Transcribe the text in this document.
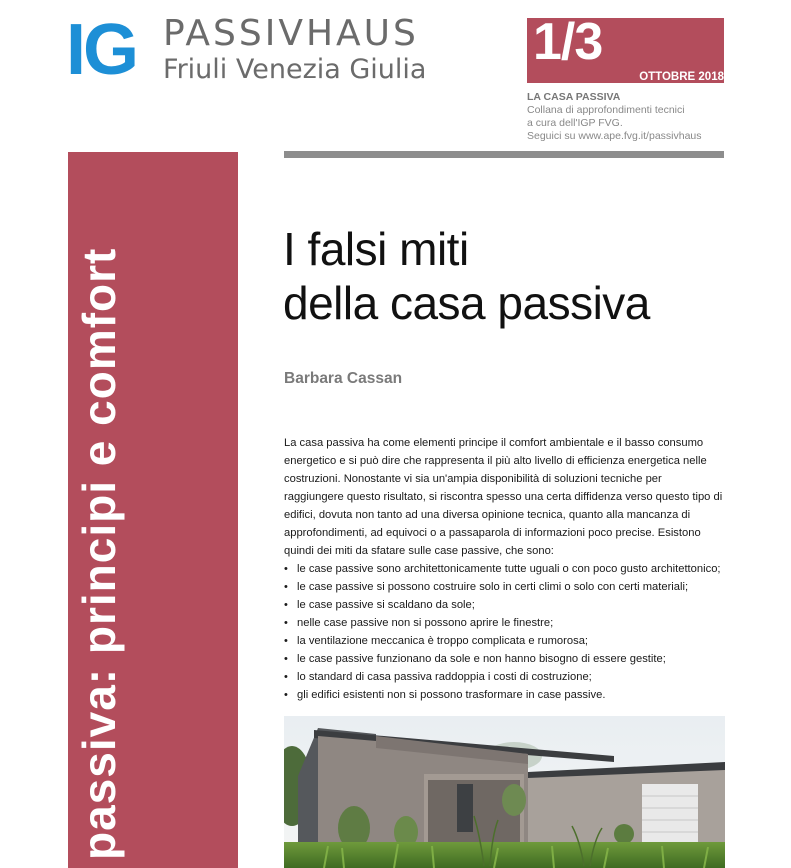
IG PASSIVHAUS
Friuli Venezia Giulia 1/3
OTTOBRE 2018
LA CASA PASSIVA
Collana di approfondimenti tecnici
a cura dell'IGP FVG.
Seguici su www.ape.fvg.it/passivhaus
passiva: principi e comfort	I falsi miti
della casa passiva
Barbara Cassan

La casa passiva ha come elementi principe il comfort ambientale e il basso consumo energetico e si può dire che rappresenta il più alto livello di efficienza energetica nelle costruzioni. Nonostante vi sia un'ampia disponibilità di soluzioni tecniche per raggiungere questo risultato, si riscontra spesso una certa diffidenza verso questo tipo di edifici, dovuta non tanto ad una diversa opinione tecnica, quanto alla mancanza di approfondimenti, ad equivoci o a passaparola di informazioni poco precise. Esistono quindi dei miti da sfatare sulle case passive, che sono:

• le case passive sono architettonicamente tutte uguali o con poco gusto architettonico;
• le case passive si possono costruire solo in certi climi o solo con certi materiali;
• le case passive si scaldano da sole;
• nelle case passive non si possono aprire le finestre;
• la ventilazione meccanica è troppo complicata e rumorosa;
• le case passive funzionano da sole e non hanno bisogno di essere gestite;
• lo standard di casa passiva raddoppia i costi di costruzione;
• gli edifici esistenti non si possono trasformare in case passive.
